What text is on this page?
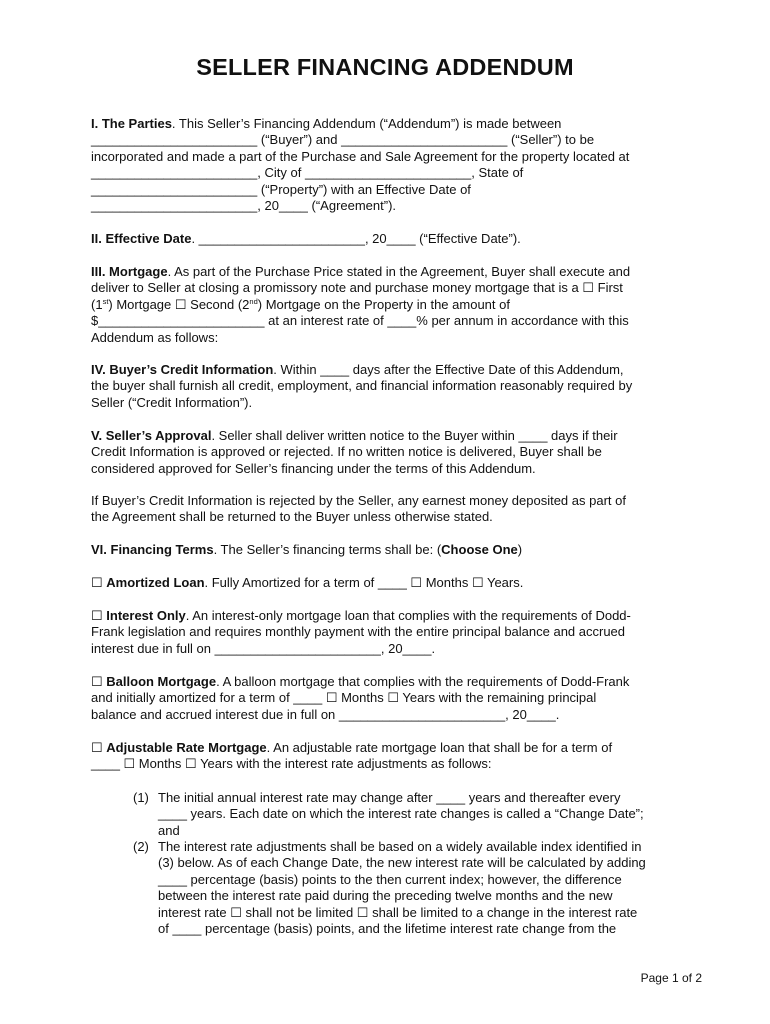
SELLER FINANCING ADDENDUM
I. The Parties. This Seller’s Financing Addendum (“Addendum”) is made between
_______________________ (“Buyer”) and _______________________ (“Seller”) to be
incorporated and made a part of the Purchase and Sale Agreement for the property located at
_______________________, City of _______________________, State of
_______________________ (“Property”) with an Effective Date of
_______________________, 20____ (“Agreement”).
II. Effective Date. _______________________, 20____ (“Effective Date”).
III. Mortgage. As part of the Purchase Price stated in the Agreement, Buyer shall execute and
deliver to Seller at closing a promissory note and purchase money mortgage that is a ☐ First
(1st) Mortgage ☐ Second (2nd) Mortgage on the Property in the amount of
$_______________________ at an interest rate of ____% per annum in accordance with this
Addendum as follows:
IV. Buyer’s Credit Information. Within ____ days after the Effective Date of this Addendum,
the buyer shall furnish all credit, employment, and financial information reasonably required by
Seller (“Credit Information”).
V. Seller’s Approval. Seller shall deliver written notice to the Buyer within ____ days if their
Credit Information is approved or rejected. If no written notice is delivered, Buyer shall be
considered approved for Seller’s financing under the terms of this Addendum.
If Buyer’s Credit Information is rejected by the Seller, any earnest money deposited as part of
the Agreement shall be returned to the Buyer unless otherwise stated.
VI. Financing Terms. The Seller’s financing terms shall be: (Choose One)
☐ Amortized Loan. Fully Amortized for a term of ____ ☐ Months ☐ Years.
☐ Interest Only. An interest-only mortgage loan that complies with the requirements of Dodd-
Frank legislation and requires monthly payment with the entire principal balance and accrued
interest due in full on _______________________, 20____.
☐ Balloon Mortgage. A balloon mortgage that complies with the requirements of Dodd-Frank
and initially amortized for a term of ____ ☐ Months ☐ Years with the remaining principal
balance and accrued interest due in full on _______________________, 20____.
☐ Adjustable Rate Mortgage. An adjustable rate mortgage loan that shall be for a term of
____ ☐ Months ☐ Years with the interest rate adjustments as follows:
(1) The initial annual interest rate may change after ____ years and thereafter every
____ years. Each date on which the interest rate changes is called a “Change Date”;
and
(2) The interest rate adjustments shall be based on a widely available index identified in
(3) below. As of each Change Date, the new interest rate will be calculated by adding
____ percentage (basis) points to the then current index; however, the difference
between the interest rate paid during the preceding twelve months and the new
interest rate ☐ shall not be limited ☐ shall be limited to a change in the interest rate
of ____ percentage (basis) points, and the lifetime interest rate change from the
Page 1 of 2
